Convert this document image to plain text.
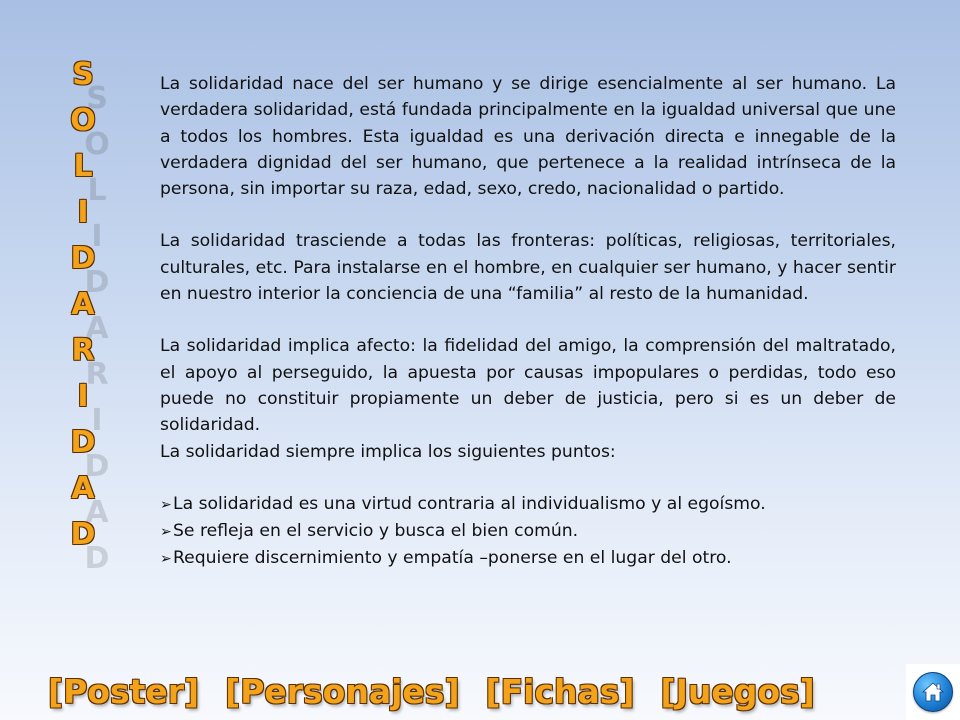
S
O
L
I
D
A
R
I
D
A
D
S
O
L
I
D
A
R
I
D
A
D

La solidaridad nace del ser humano y se dirige esencialmente al ser humano. La verdadera solidaridad, está fundada principalmente en la igualdad universal que une a todos los hombres. Esta igualdad es una derivación directa e innegable de la verdadera dignidad del ser humano, que pertenece a la realidad intrínseca de la persona, sin importar su raza, edad, sexo, credo, nacionalidad o partido.

La solidaridad trasciende a todas las fronteras: políticas, religiosas, territoriales, culturales, etc. Para instalarse en el hombre, en cualquier ser humano, y hacer sentir en nuestro interior la conciencia de una “familia” al resto de la humanidad.

La solidaridad implica afecto: la fidelidad del amigo, la comprensión del maltratado, el apoyo al perseguido, la apuesta por causas impopulares o perdidas, todo eso puede no constituir propiamente un deber de justicia, pero si es un deber de solidaridad.

La solidaridad siempre implica los siguientes puntos:

➢La solidaridad es una virtud contraria al individualismo y al egoísmo.
➢Se refleja en el servicio y busca el bien común.
➢Requiere discernimiento y empatía –ponerse en el lugar del otro.
[Poster] [Personajes] [Fichas] [Juegos]
